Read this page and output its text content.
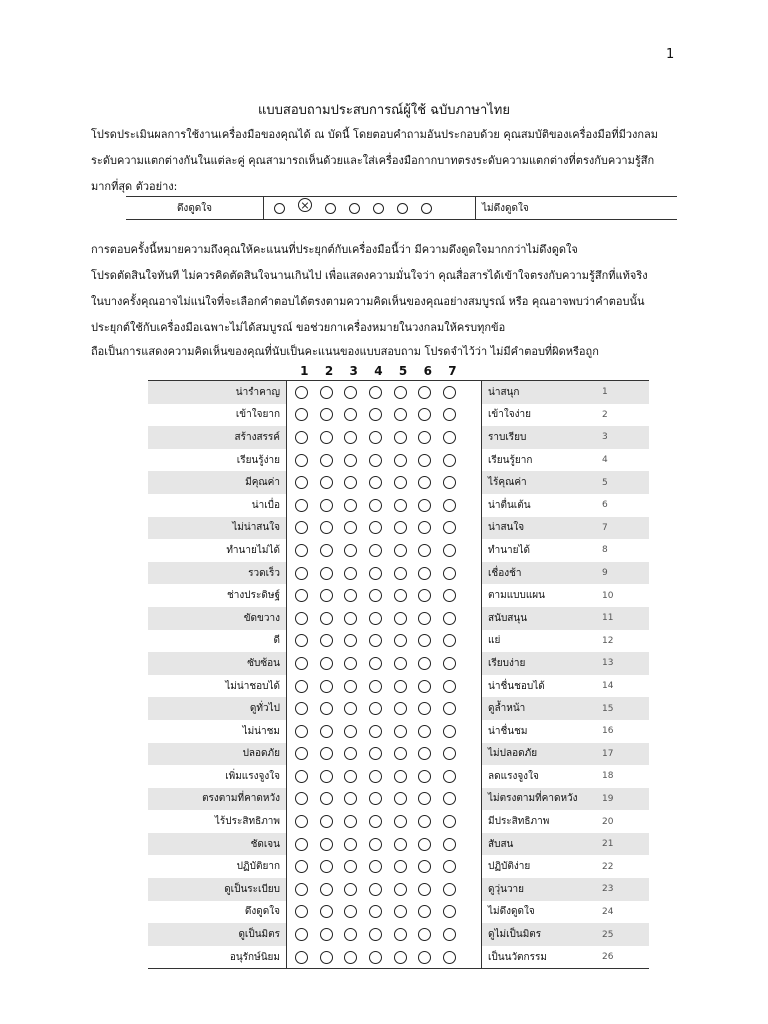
1
แบบสอบถามประสบการณ์ผู้ใช้ ฉบับภาษาไทย
โปรดประเมินผลการใช้งานเครื่องมือของคุณได้ ณ บัดนี้ โดยตอบคำถามอันประกอบด้วย คุณสมบัติของเครื่องมือที่มีวงกลม
ระดับความแตกต่างกันในแต่ละคู่ คุณสามารถเห็นด้วยและใส่เครื่องมือกากบาทตรงระดับความแตกต่างที่ตรงกับความรู้สึก
มากที่สุด ตัวอย่าง:
ดึงดูดใจ	ไม่ดึงดูดใจ
การตอบครั้งนี้หมายความถึงคุณให้คะแนนที่ประยุกต์กับเครื่องมือนี้ว่า มีความดึงดูดใจมากกว่าไม่ดึงดูดใจ
โปรดตัดสินใจทันที ไม่ควรคิดตัดสินใจนานเกินไป เพื่อแสดงความมั่นใจว่า คุณสื่อสารได้เข้าใจตรงกับความรู้สึกที่แท้จริง
ในบางครั้งคุณอาจไม่แน่ใจที่จะเลือกคำตอบได้ตรงตามความคิดเห็นของคุณอย่างสมบูรณ์ หรือ คุณอาจพบว่าคำตอบนั้น
ประยุกต์ใช้กับเครื่องมือเฉพาะไม่ได้สมบูรณ์ ขอช่วยกาเครื่องหมายในวงกลมให้ครบทุกข้อ
ถือเป็นการแสดงความคิดเห็นของคุณที่นับเป็นคะแนนของแบบสอบถาม โปรดจำไว้ว่า ไม่มีคำตอบที่ผิดหรือถูก
1	2	3	4	5	6	7
น่ารำคาญ	น่าสนุก	1
เข้าใจยาก	เข้าใจง่าย	2
สร้างสรรค์	ราบเรียบ	3
เรียนรู้ง่าย	เรียนรู้ยาก	4
มีคุณค่า	ไร้คุณค่า	5
น่าเบื่อ	น่าตื่นเต้น	6
ไม่น่าสนใจ	น่าสนใจ	7
ทำนายไม่ได้	ทำนายได้	8
รวดเร็ว	เชื่องช้า	9
ช่างประดิษฐ์	ตามแบบแผน	10
ขัดขวาง	สนับสนุน	11
ดี	แย่	12
ซับซ้อน	เรียบง่าย	13
ไม่น่าชอบได้	น่าชื่นชอบได้	14
ดูทั่วไป	ดูล้ำหน้า	15
ไม่น่าชม	น่าชื่นชม	16
ปลอดภัย	ไม่ปลอดภัย	17
เพิ่มแรงจูงใจ	ลดแรงจูงใจ	18
ตรงตามที่คาดหวัง	ไม่ตรงตามที่คาดหวัง	19
ไร้ประสิทธิภาพ	มีประสิทธิภาพ	20
ชัดเจน	สับสน	21
ปฏิบัติยาก	ปฏิบัติง่าย	22
ดูเป็นระเบียบ	ดูวุ่นวาย	23
ดึงดูดใจ	ไม่ดึงดูดใจ	24
ดูเป็นมิตร	ดูไม่เป็นมิตร	25
อนุรักษ์นิยม	เป็นนวัตกรรม	26
